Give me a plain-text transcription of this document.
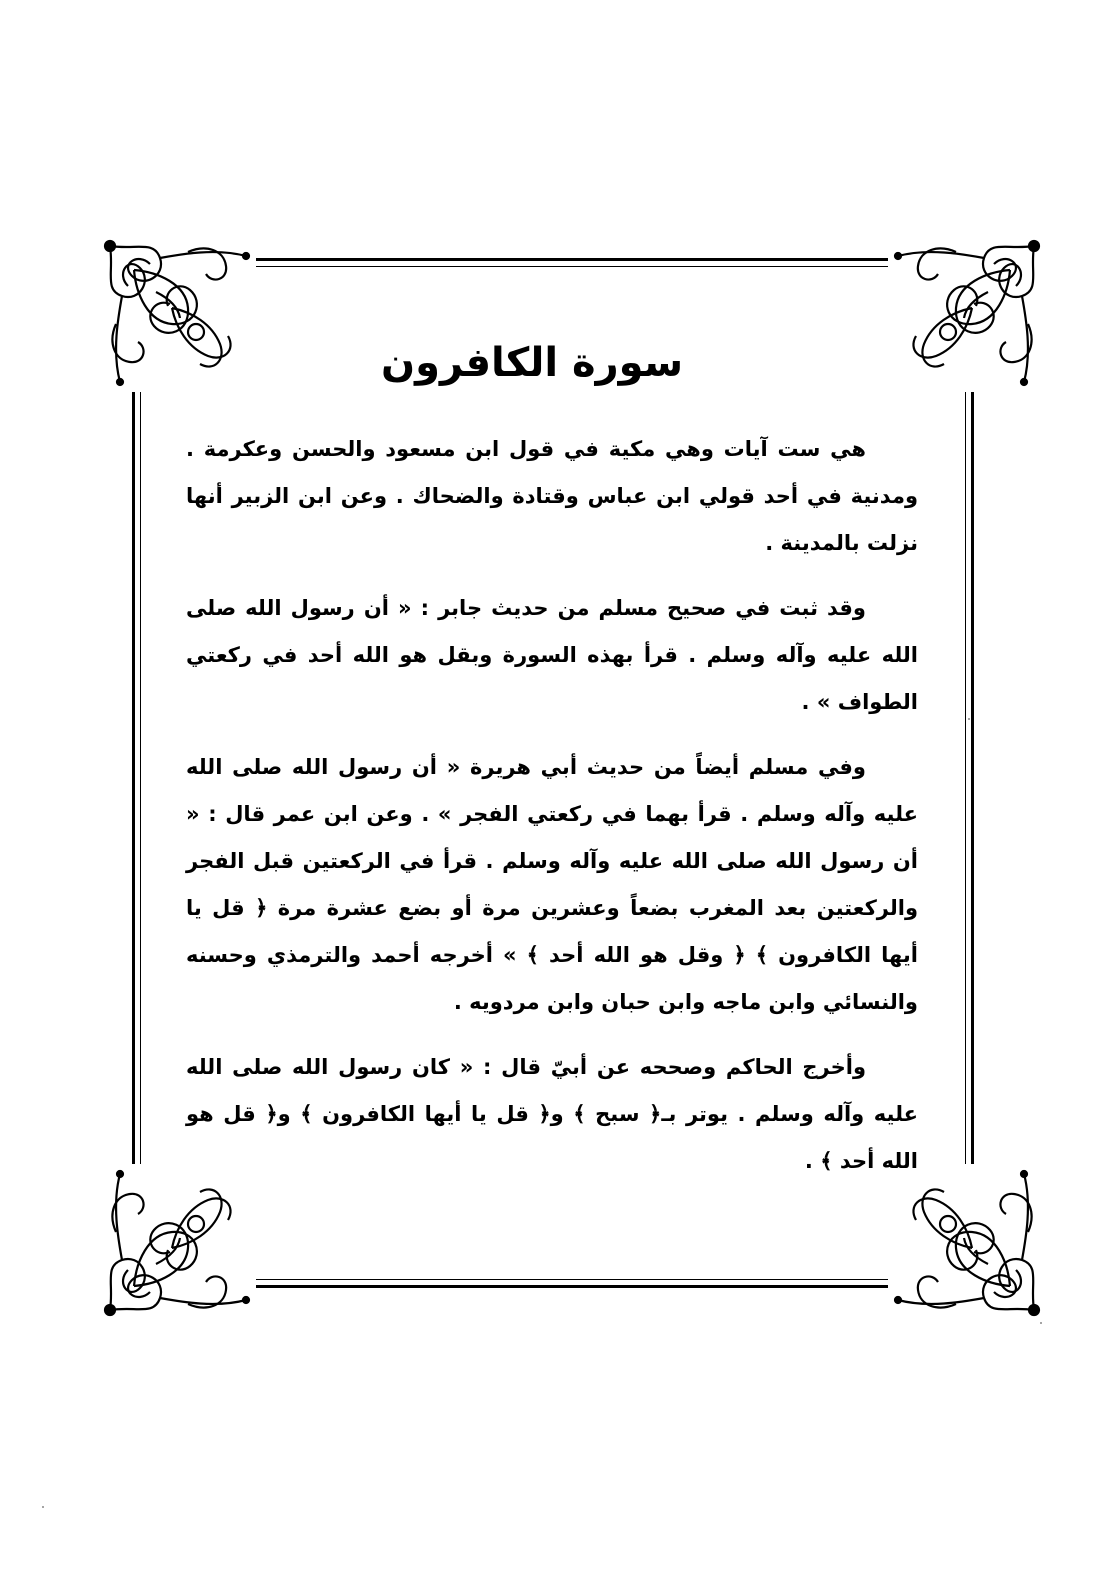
سورة الكافرون

هي ست آيات وهي مكية في قول ابن مسعود والحسن وعكرمة . ومدنية في أحد قولي ابن عباس وقتادة والضحاك . وعن ابن الزبير أنها نزلت بالمدينة .

وقد ثبت في صحيح مسلم من حديث جابر : « أن رسول الله صلى الله عليه وآله وسلم . قرأ بهذه السورة وبقل هو الله أحد في ركعتي الطواف » .

وفي مسلم أيضاً من حديث أبي هريرة « أن رسول الله صلى الله عليه وآله وسلم . قرأ بهما في ركعتي الفجر » . وعن ابن عمر قال : « أن رسول الله صلى الله عليه وآله وسلم . قرأ في الركعتين قبل الفجر والركعتين بعد المغرب بضعاً وعشرين مرة أو بضع عشرة مرة ﴿ قل يا أيها الكافرون ﴾ ﴿ وقل هو الله أحد ﴾ » أخرجه أحمد والترمذي وحسنه والنسائي وابن ماجه وابن حبان وابن مردويه .

وأخرج الحاكم وصححه عن أبيّ قال : « كان رسول الله صلى الله عليه وآله وسلم . يوتر بـ﴿ سبح ﴾ و﴿ قل يا أيها الكافرون ﴾ و﴿ قل هو الله أحد ﴾ .
